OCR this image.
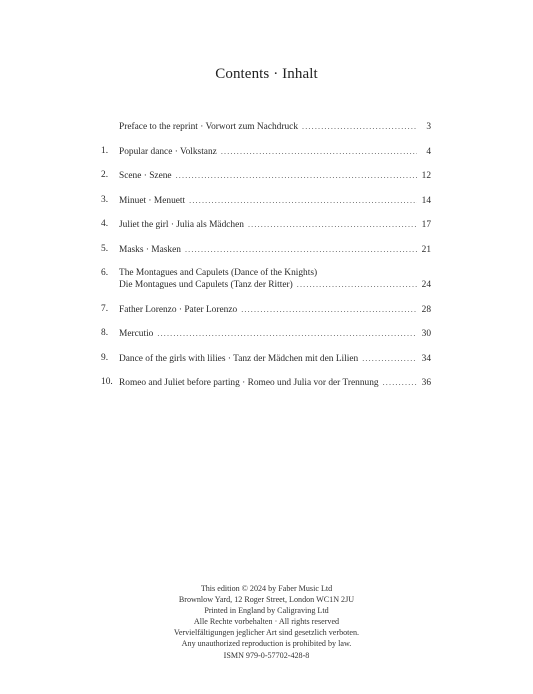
Contents · Inhalt
Preface to the reprint · Vorwort zum Nachdruck .....	3
1.	Popular dance · Volkstanz .....	4
2.	Scene · Szene .....	12
3.	Minuet · Menuett .....	14
4.	Juliet the girl · Julia als Mädchen .....	17
5.	Masks · Masken .....	21
6.	The Montagues and Capulets (Dance of the Knights)
Die Montagues und Capulets (Tanz der Ritter) .....	24
7.	Father Lorenzo · Pater Lorenzo .....	28
8.	Mercutio .....	30
9.	Dance of the girls with lilies · Tanz der Mädchen mit den Lilien .....	34
10. Romeo and Juliet before parting · Romeo und Julia vor der Trennung .....	36
This edition © 2024 by Faber Music Ltd
Brownlow Yard, 12 Roger Street, London WC1N 2JU
Printed in England by Caligraving Ltd
Alle Rechte vorbehalten · All rights reserved
Vervielfältigungen jeglicher Art sind gesetzlich verboten.
Any unauthorized reproduction is prohibited by law.
ISMN 979-0-57702-428-8
